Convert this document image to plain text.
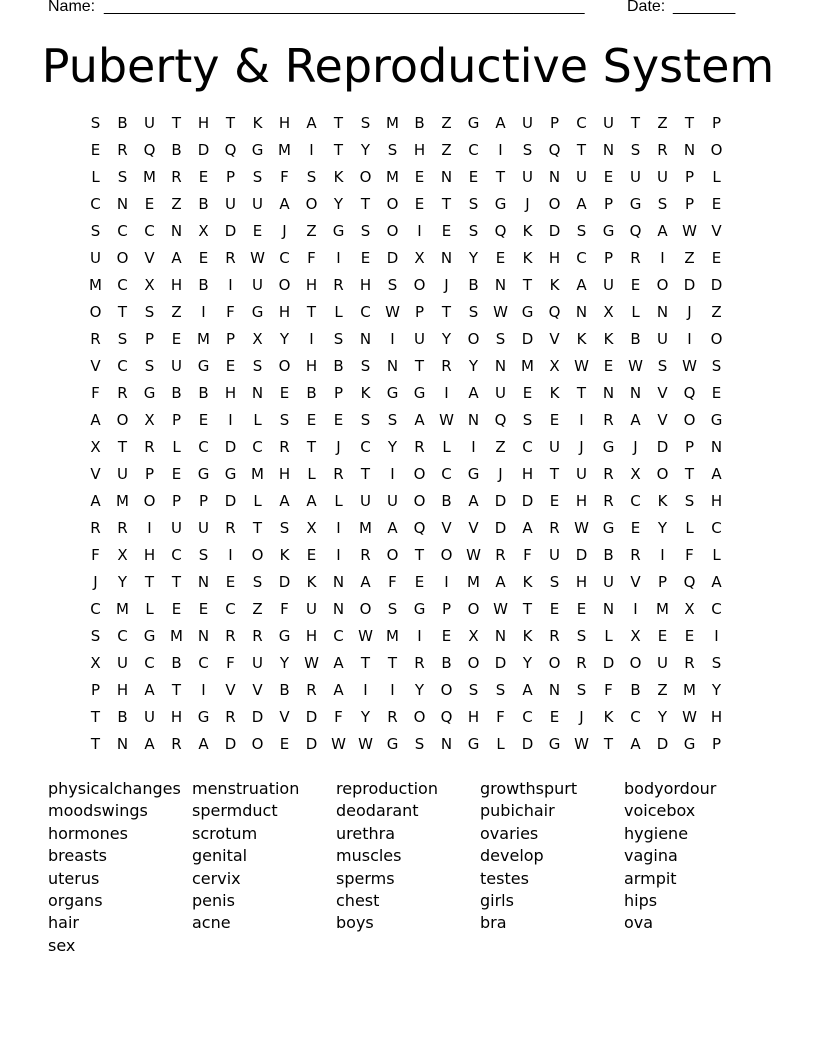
Name: ______________________________________________________	Date: _______
Puberty & Reproductive System
S	B	U	T	H	T	K	H	A	T	S	M	B	Z	G	A	U	P	C	U	T	Z	T	P
E	R	Q	B	D	Q	G M	I	T	Y	S	H	Z	C	I	S	Q	T	N	S	R	N	O
L	S	M	R	E	P	S	F	S	K	O M	E	N	E	T	U	N	U	E	U	U	P	L
C	N	E	Z	B	U	U	A	O	Y	T	O	E	T	S	G	J	O	A	P	G	S	P	E
S	C	C	N	X	D	E	J	Z	G	S	O	I	E	S	Q	K	D	S	G	Q	A W V
U	O	V	A	E	R W C	F	I	E	D	X	N	Y	E	K	H	C	P	R	I	Z	E
M	C	X	H	B	I	U	O	H	R	H	S	O	J	B	N	T	K	A	U	E	O	D	D
O	T	S	Z	I	F	G	H	T	L	C W	P	T	S W G	Q	N	X	L	N	J	Z
R	S	P	E	M	P	X	Y	I	S	N	I	U	Y	O	S	D	V	K	K	B	U	I	O
V	C	S	U	G	E	S	O	H	B	S	N	T	R	Y	N M	X W E W S W S
F	R	G	B	B	H	N	E	B	P	K	G	G	I	A	U	E	K	T	N	N	V	Q	E
A	O	X	P	E	I	L	S	E	E	S	S	A W N	Q	S	E	I	R	A	V	O	G
X	T	R	L	C	D	C	R	T	J	C	Y	R	L	I	Z	C	U	J	G	J	D	P	N
V	U	P	E	G	G M H	L	R	T	I	O	C	G	J	H	T	U	R	X	O	T	A
A	M O	P	P	D	L	A	A	L	U	U	O	B	A	D	D	E	H	R	C	K	S	H
R	R	I	U	U	R	T	S	X	I	M	A	Q	V	V	D	A	R W G	E	Y	L	C
F	X	H	C	S	I	O	K	E	I	R	O	T	O W R	F	U	D	B	R	I	F	L
J	Y	T	T	N	E	S	D	K	N	A	F	E	I	M	A	K	S	H	U	V	P	Q	A
C	M	L	E	E	C	Z	F	U	N	O	S	G	P	O W T	E	E	N	I	M	X	C
S	C	G M N	R	R	G	H	C W M	I	E	X	N	K	R	S	L	X	E	E	I
X	U	C	B	C	F	U	Y	W A	T	T	R	B	O	D	Y	O	R	D	O	U	R	S
P	H	A	T	I	V	V	B	R	A	I	I	Y	O	S	S	A	N	S	F	B	Z	M	Y
T	B	U	H	G	R	D	V	D	F	Y	R	O	Q	H	F	C	E	J	K	C	Y	W H
T	N	A	R	A	D	O	E	D W W G	S	N	G	L	D	G W T	A	D	G	P
physicalchanges
moodswings
hormones
breasts
uterus
organs
hair
sex
menstruation
spermduct
scrotum
genital
cervix
penis
acne
reproduction
deodarant
urethra
muscles
sperms
chest
boys
growthspurt
pubichair
ovaries
develop
testes
girls
bra
bodyordour
voicebox
hygiene
vagina
armpit
hips
ova
